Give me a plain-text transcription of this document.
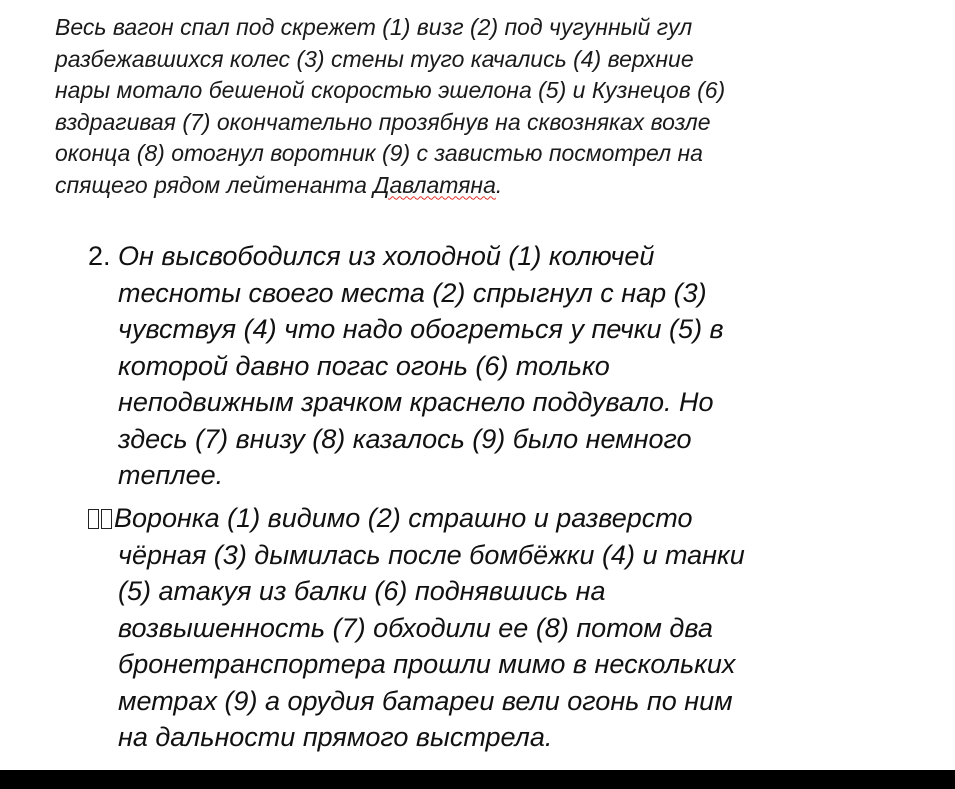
Весь вагон спал под скрежет (1) визг (2) под чугунный гул
разбежавшихся колес (3) стены туго качались (4) верхние
нары мотало бешеной скоростью эшелона (5) и Кузнецов (6)
вздрагивая (7) окончательно прозябнув на сквозняках возле
оконца (8) отогнул воротник (9) с завистью посмотрел на
спящего рядом лейтенанта Давлатяна.
2. Он высвободился из холодной (1) колючей
тесноты своего места (2) спрыгнул с нар (3)
чувствуя (4) что надо обогреться у печки (5) в
которой давно погас огонь (6) только
неподвижным зрачком краснело поддувало. Но
здесь (7) внизу (8) казалось (9) было немного
теплее.
Воронка (1) видимо (2) страшно и разверсто
чёрная (3) дымилась после бомбёжки (4) и танки
(5) атакуя из балки (6) поднявшись на
возвышенность (7) обходили ее (8) потом два
бронетранспортера прошли мимо в нескольких
метрах (9) а орудия батареи вели огонь по ним
на дальности прямого выстрела.
